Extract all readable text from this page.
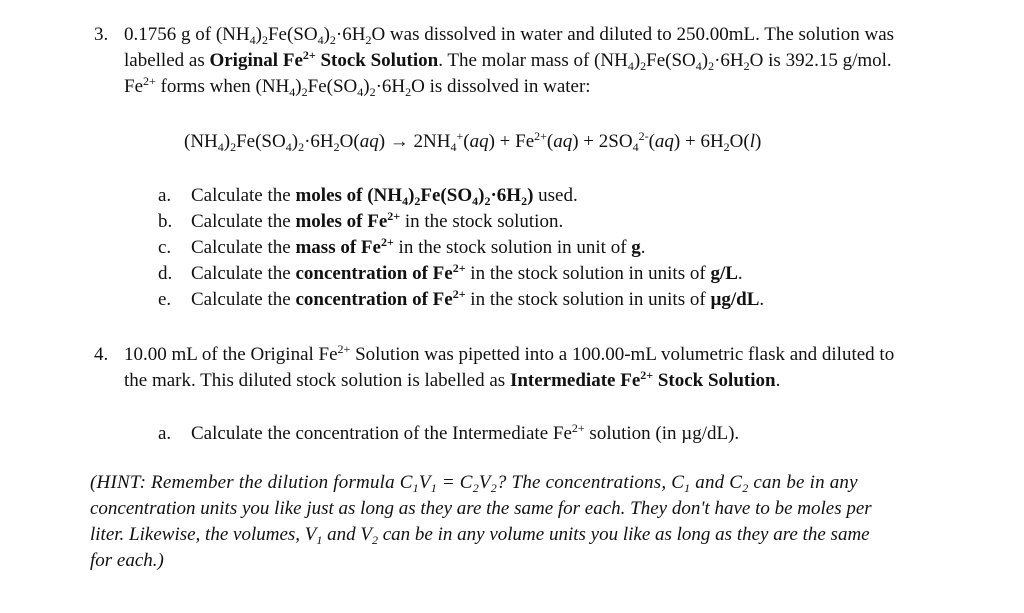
3. 0.1756 g of $(NH_4)_2Fe(SO_4)_2\cdot 6H_2O$ was dissolved in water and diluted to 250.00mL. The solution was
labelled as Original $Fe^{2+}$ Stock Solution. The molar mass of $(NH_4)_2Fe(SO_4)_2\cdot 6H_2O$ is 392.15 g/mol.
$Fe^{2+}$ forms when $(NH_4)_2Fe(SO_4)_2\cdot 6H_2O$ is dissolved in water:
$(NH_4)_2Fe(SO_4)_2\cdot 6H_2O(aq) \to 2NH_4^+(aq) + Fe^{2+}(aq) + 2SO_4^{2-}(aq) + 6H_2O(l)$
a. Calculate the moles of $(NH_4)_2Fe(SO_4)_2\cdot 6H_2$) used.
b. Calculate the moles of $Fe^{2+}$ in the stock solution.
c. Calculate the mass of $Fe^{2+}$ in the stock solution in unit of g.
d. Calculate the concentration of $Fe^{2+}$ in the stock solution in units of g/L.
e. Calculate the concentration of $Fe^{2+}$ in the stock solution in units of µg/dL.
4. 10.00 mL of the Original $Fe^{2+}$ Solution was pipetted into a 100.00-mL volumetric flask and diluted to
the mark. This diluted stock solution is labelled as Intermediate $Fe^{2+}$ Stock Solution.
a. Calculate the concentration of the Intermediate $Fe^{2+}$ solution (in µg/dL).
(HINT: Remember the dilution formula $C_1V_1 = C_2V_2$? The concentrations, $C_1$ and $C_2$ can be in any
concentration units you like just as long as they are the same for each. They don't have to be moles per
liter. Likewise, the volumes, $V_1$ and $V_2$ can be in any volume units you like as long as they are the same
for each.)
